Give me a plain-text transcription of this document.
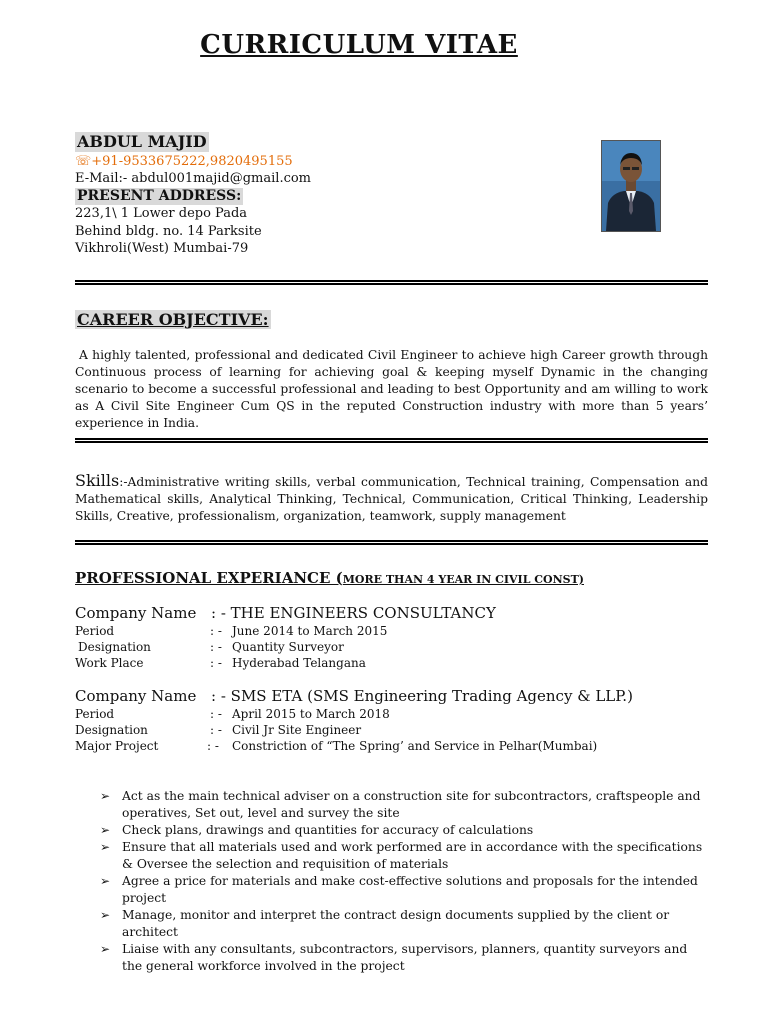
CURRICULUM VITAE
ABDUL MAJID
☏+91-9533675222,9820495155
E-Mail:- abdul001majid@gmail.com
PRESENT ADDRESS:
223,1\ 1 Lower depo Pada
Behind bldg. no. 14 Parksite
Vikhroli(West) Mumbai-79
CAREER OBJECTIVE:
A highly talented, professional and dedicated Civil Engineer to achieve high Career growth through Continuous process of learning for achieving goal & keeping myself Dynamic in the changing scenario to become a successful professional and leading to best Opportunity and am willing to work as A Civil Site Engineer Cum QS in the reputed Construction industry with more than 5 years’ experience in India.
Skills:-Administrative writing skills, verbal communication, Technical training, Compensation and Mathematical skills, Analytical Thinking, Technical, Communication, Critical Thinking, Leadership Skills, Creative, professionalism, organization, teamwork, supply management
PROFESSIONAL EXPERIANCE (MORE THAN 4 YEAR IN CIVIL CONST)
Company Name : - THE ENGINEERS CONSULTANCY
Period	: - June 2014 to March 2015
Designation	: - Quantity Surveyor
Work Place	: - Hyderabad Telangana
Company Name : - SMS ETA (SMS Engineering Trading Agency & LLP.)
Period	: - April 2015 to March 2018
Designation	: - Civil Jr Site Engineer
Major Project	: - Constriction of “The Spring’ and Service in Pelhar(Mumbai)
➢ Act as the main technical adviser on a construction site for subcontractors, craftspeople and operatives, Set out, level and survey the site
➢ Check plans, drawings and quantities for accuracy of calculations
➢ Ensure that all materials used and work performed are in accordance with the specifications & Oversee the selection and requisition of materials
➢ Agree a price for materials and make cost-effective solutions and proposals for the intended project
➢ Manage, monitor and interpret the contract design documents supplied by the client or architect
➢ Liaise with any consultants, subcontractors, supervisors, planners, quantity surveyors and the general workforce involved in the project
